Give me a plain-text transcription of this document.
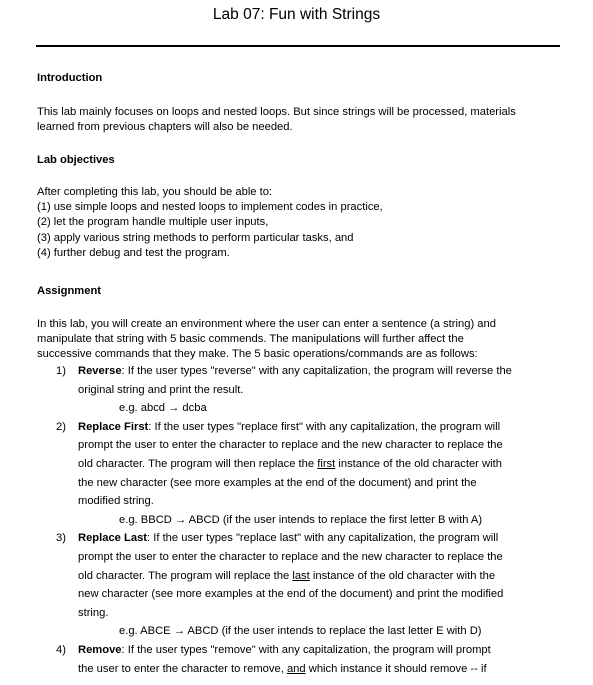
Lab 07: Fun with Strings
Introduction
This lab mainly focuses on loops and nested loops. But since strings will be processed, materials
learned from previous chapters will also be needed.
Lab objectives
After completing this lab, you should be able to:
(1) use simple loops and nested loops to implement codes in practice,
(2) let the program handle multiple user inputs,
(3) apply various string methods to perform particular tasks, and
(4) further debug and test the program.
Assignment
In this lab, you will create an environment where the user can enter a sentence (a string) and
manipulate that string with 5 basic commends. The manipulations will further affect the
successive commands that they make. The 5 basic operations/commands are as follows:
1) Reverse: If the user types "reverse" with any capitalization, the program will reverse the
original string and print the result.
e.g. abcd → dcba
2) Replace First: If the user types "replace first" with any capitalization, the program will
prompt the user to enter the character to replace and the new character to replace the
old character. The program will then replace the first instance of the old character with
the new character (see more examples at the end of the document) and print the
modified string.
e.g. BBCD → ABCD (if the user intends to replace the first letter B with A)
3) Replace Last: If the user types "replace last" with any capitalization, the program will
prompt the user to enter the character to replace and the new character to replace the
old character. The program will replace the last instance of the old character with the
new character (see more examples at the end of the document) and print the modified
string.
e.g. ABCE → ABCD (if the user intends to replace the last letter E with D)
4) Remove: If the user types "remove" with any capitalization, the program will prompt
the user to enter the character to remove, and which instance it should remove -- if
